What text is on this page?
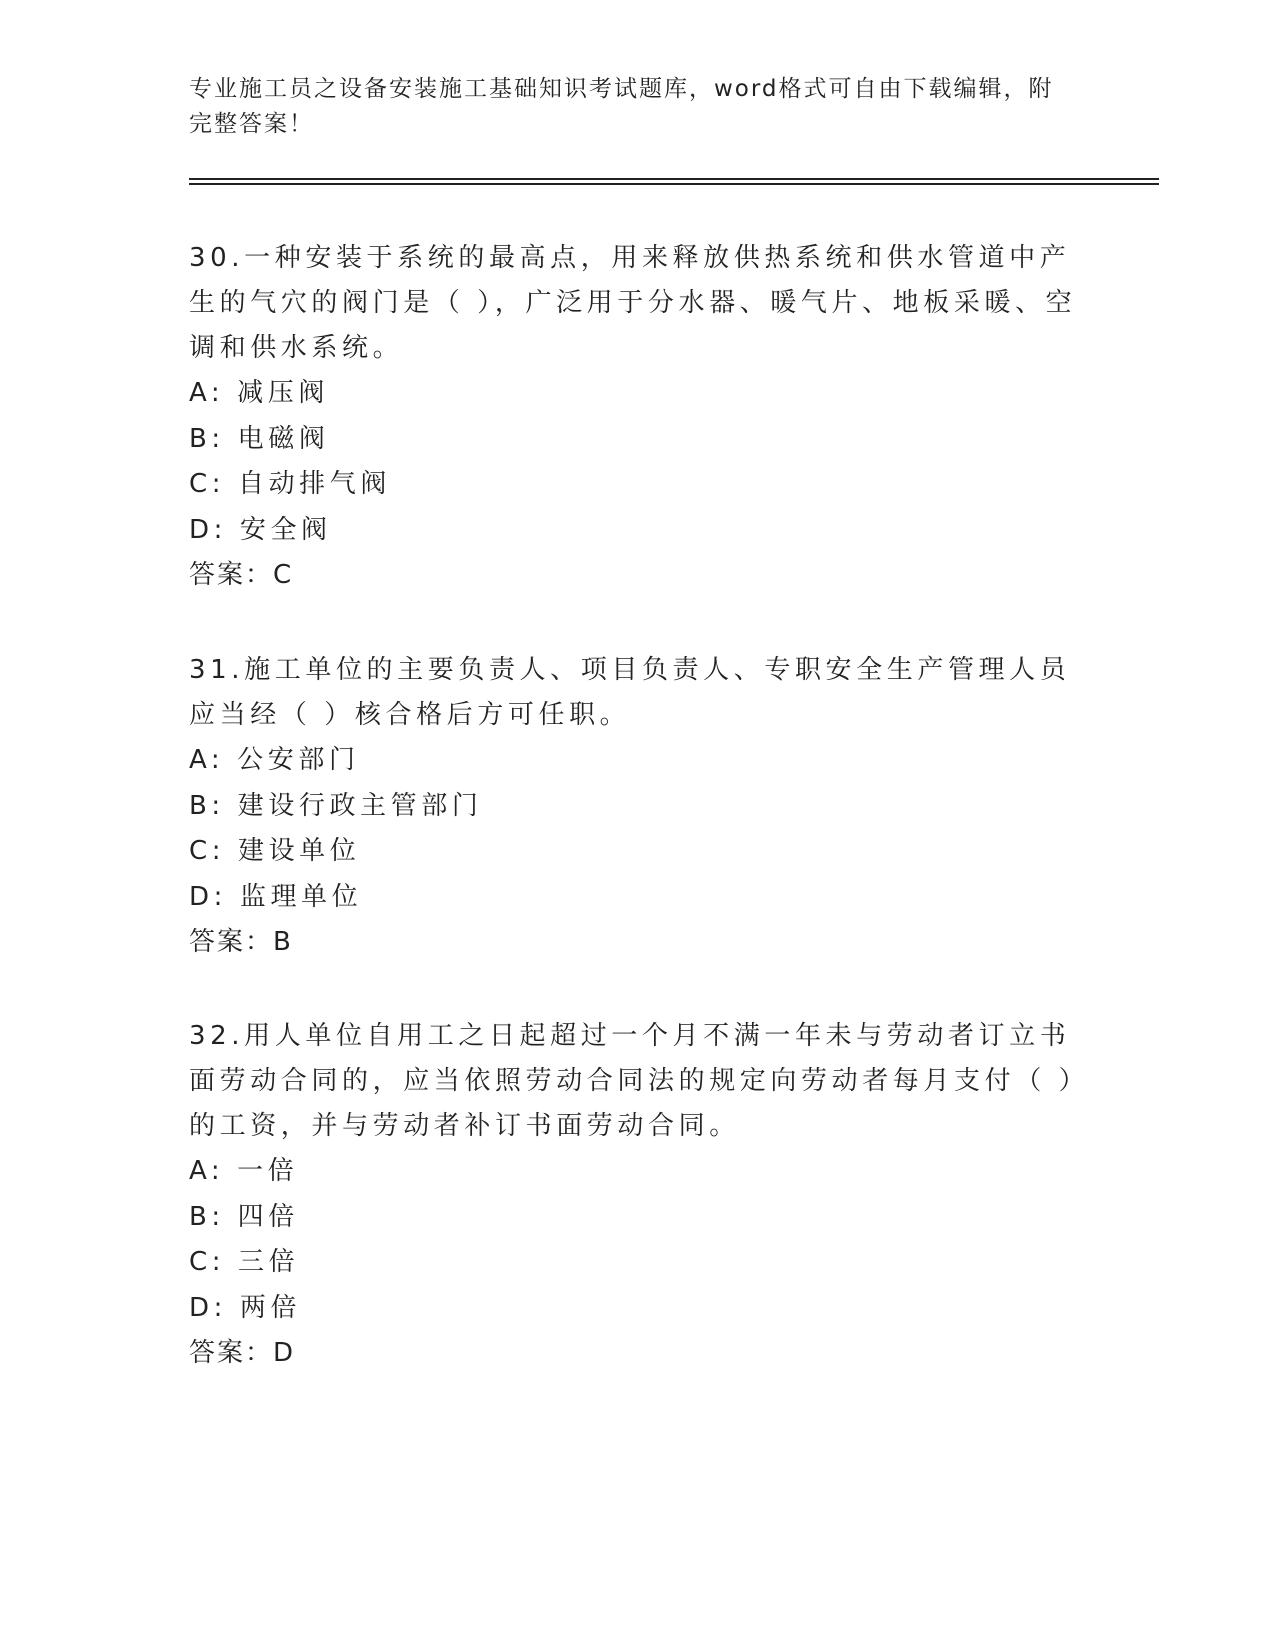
专业施工员之设备安装施工基础知识考试题库，word格式可自由下载编辑，附完整答案！
30.一种安装于系统的最高点，用来释放供热系统和供水管道中产生的气穴的阀门是（ ），广泛用于分水器、暖气片、地板采暖、空调和供水系统。
A: 减压阀
B: 电磁阀
C: 自动排气阀
D: 安全阀
答案：C
31.施工单位的主要负责人、项目负责人、专职安全生产管理人员应当经（ ）核合格后方可任职。
A: 公安部门
B: 建设行政主管部门
C: 建设单位
D: 监理单位
答案：B
32.用人单位自用工之日起超过一个月不满一年未与劳动者订立书面劳动合同的，应当依照劳动合同法的规定向劳动者每月支付（ ）的工资，并与劳动者补订书面劳动合同。
A: 一倍
B: 四倍
C: 三倍
D: 两倍
答案：D
